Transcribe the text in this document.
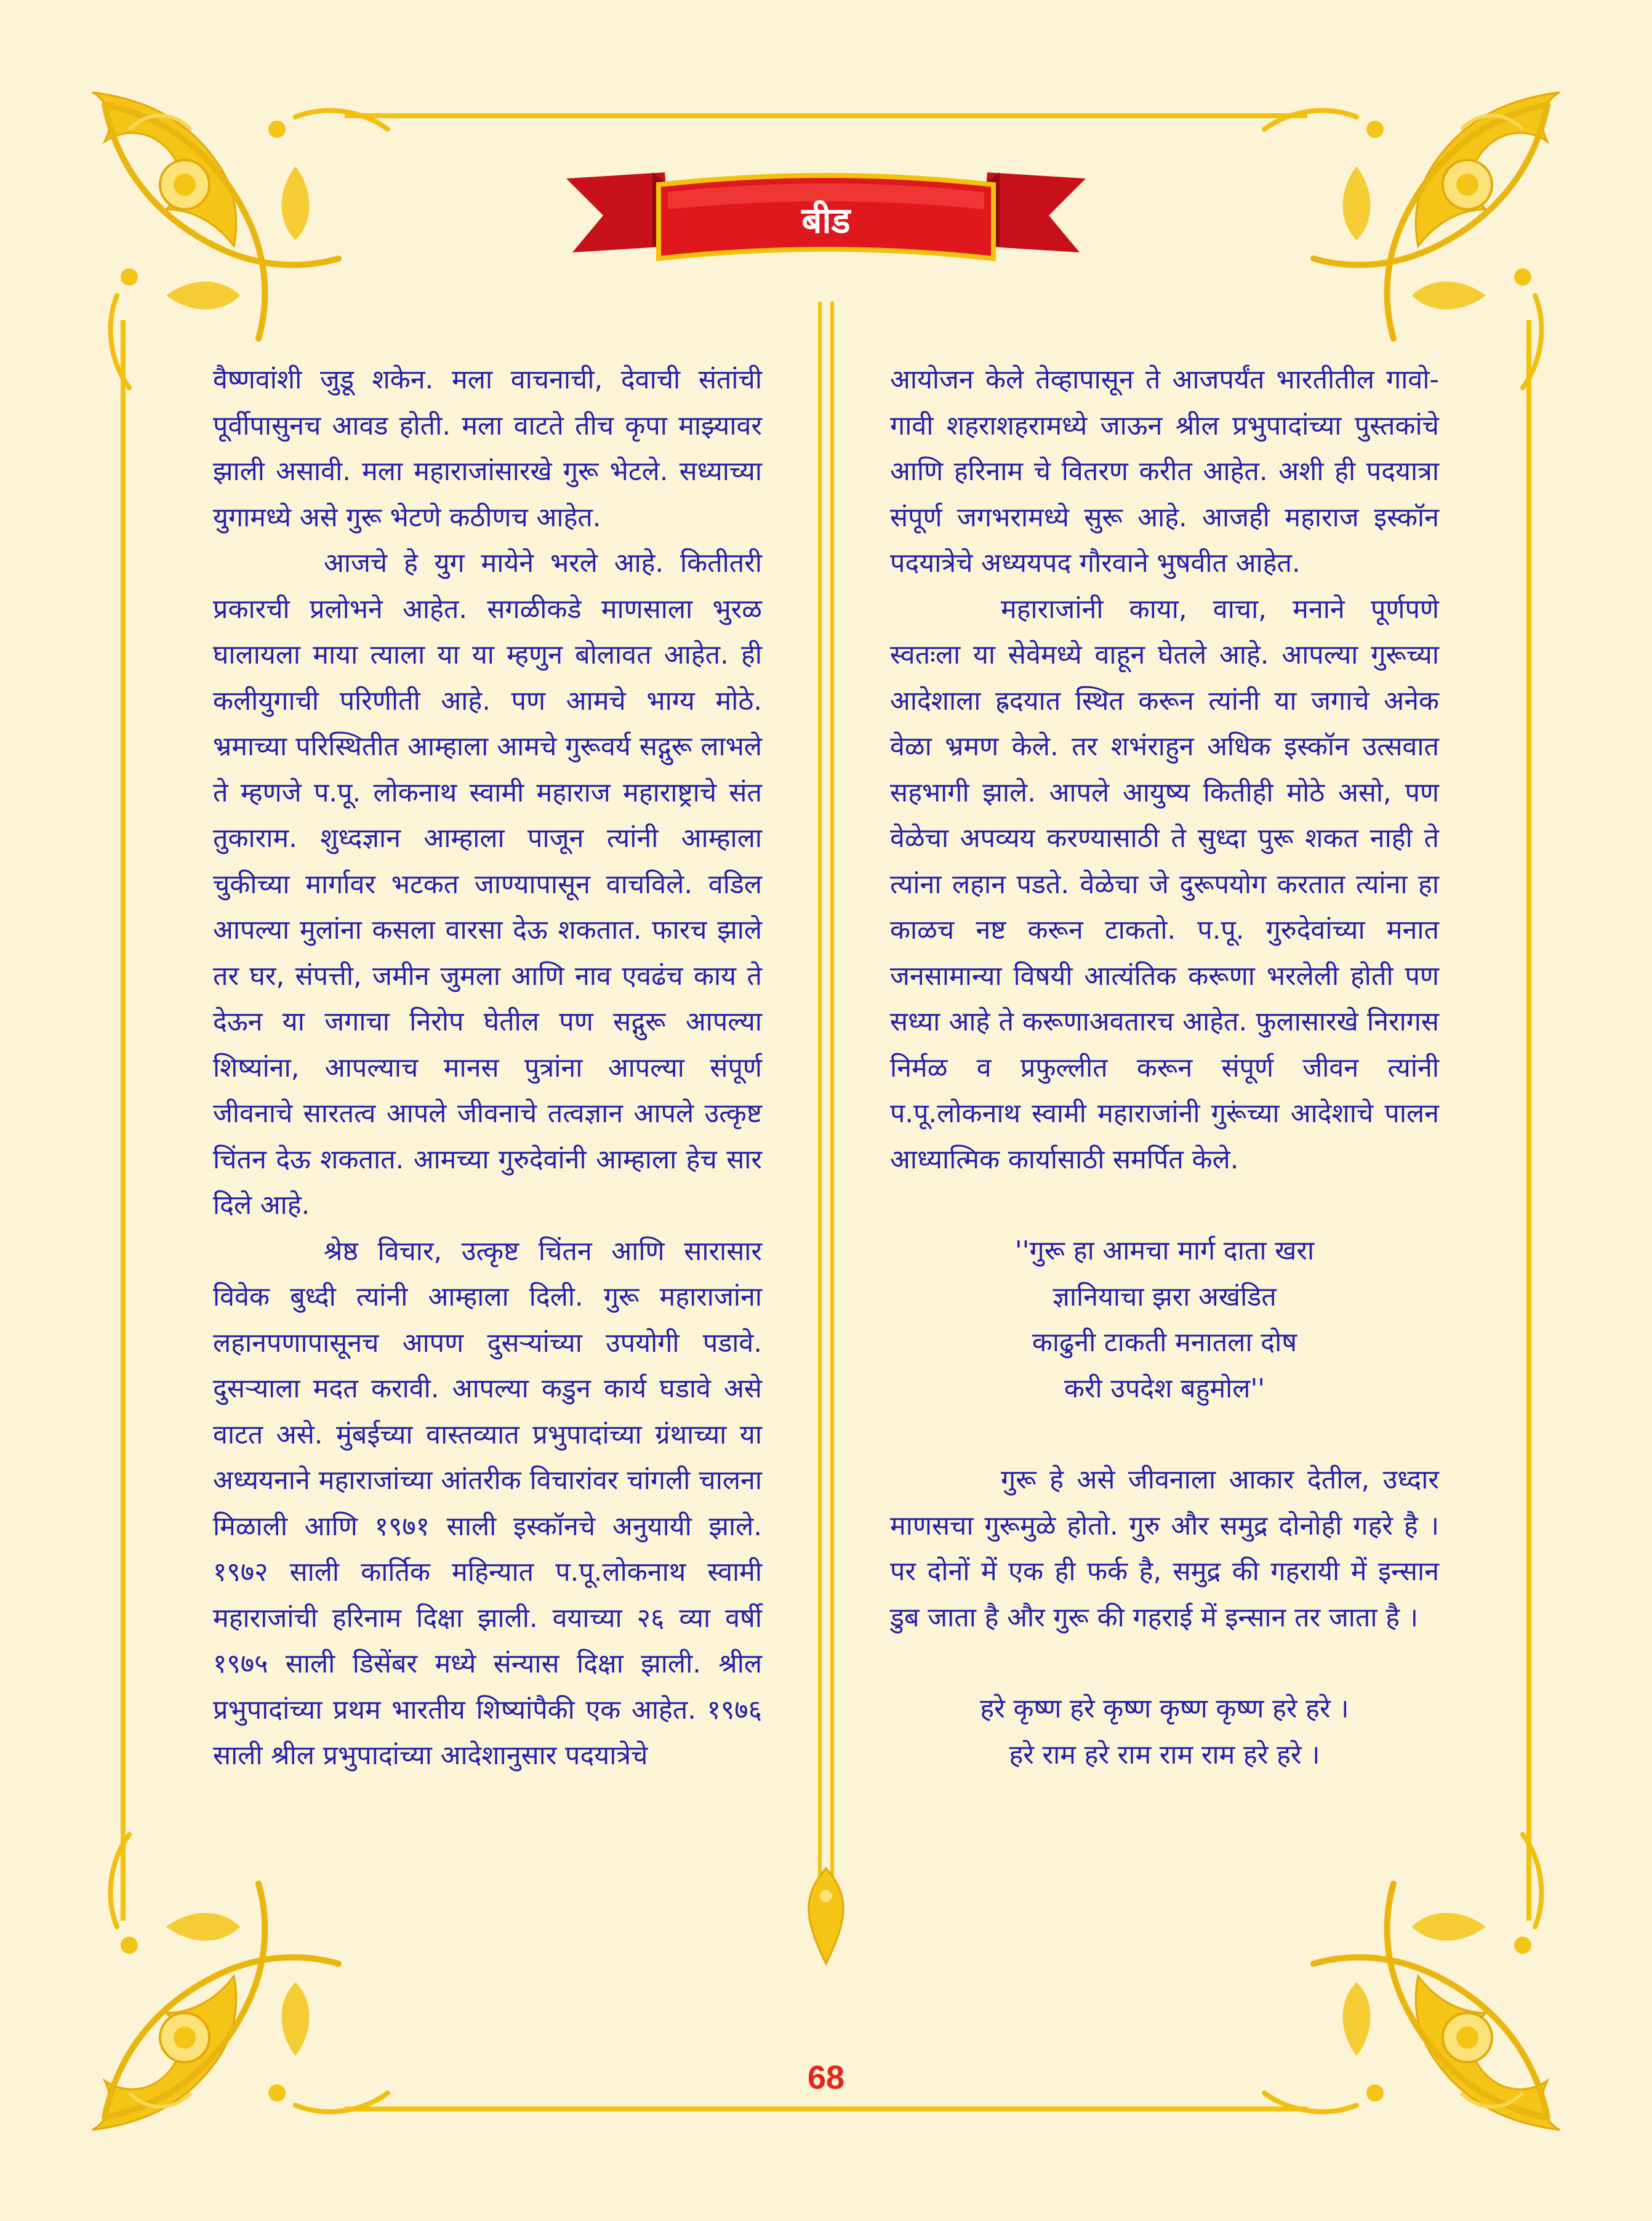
बीड

वैष्णवांशी जुडू शकेन. मला वाचनाची, देवाची संतांची पूर्वीपासुनच आवड होती. मला वाटते तीच कृपा माझ्यावर झाली असावी. मला महाराजांसारखे गुरू भेटले. सध्याच्या युगामध्ये असे गुरू भेटणे कठीणच आहेत.

आजचे हे युग मायेने भरले आहे. कितीतरी प्रकारची प्रलोभने आहेत. सगळीकडे माणसाला भुरळ घालायला माया त्याला या या म्हणुन बोलावत आहेत. ही कलीयुगाची परिणीती आहे. पण आमचे भाग्य मोठे. भ्रमाच्या परिस्थितीत आम्हाला आमचे गुरूवर्य सद्गुरू लाभले ते म्हणजे प.पू. लोकनाथ स्वामी महाराज महाराष्ट्राचे संत तुकाराम. शुध्दज्ञान आम्हाला पाजून त्यांनी आम्हाला चुकीच्या मार्गावर भटकत जाण्यापासून वाचविले. वडिल आपल्या मुलांना कसला वारसा देऊ शकतात. फारच झाले तर घर, संपत्ती, जमीन जुमला आणि नाव एवढंच काय ते देऊन या जगाचा निरोप घेतील पण सद्गुरू आपल्या शिष्यांना, आपल्याच मानस पुत्रांना आपल्या संपूर्ण जीवनाचे सारतत्व आपले जीवनाचे तत्वज्ञान आपले उत्कृष्ट चिंतन देऊ शकतात. आमच्या गुरुदेवांनी आम्हाला हेच सार दिले आहे.

श्रेष्ठ विचार, उत्कृष्ट चिंतन आणि सारासार विवेक बुध्दी त्यांनी आम्हाला दिली. गुरू महाराजांना लहानपणापासूनच आपण दुसऱ्यांच्या उपयोगी पडावे. दुसऱ्याला मदत करावी. आपल्या कडुन कार्य घडावे असे वाटत असे. मुंबईच्या वास्तव्यात प्रभुपादांच्या ग्रंथाच्या या अध्ययनाने महाराजांच्या आंतरीक विचारांवर चांगली चालना मिळाली आणि १९७१ साली इस्कॉनचे अनुयायी झाले. १९७२ साली कार्तिक महिन्यात प.पू.लोकनाथ स्वामी महाराजांची हरिनाम दिक्षा झाली. वयाच्या २६ व्या वर्षी १९७५ साली डिसेंबर मध्ये संन्यास दिक्षा झाली. श्रील प्रभुपादांच्या प्रथम भारतीय शिष्यांपैकी एक आहेत. १९७६ साली श्रील प्रभुपादांच्या आदेशानुसार पदयात्रेचे

आयोजन केले तेव्हापासून ते आजपर्यंत भारतीतील गावो-गावी शहराशहरामध्ये जाऊन श्रील प्रभुपादांच्या पुस्तकांचे आणि हरिनाम चे वितरण करीत आहेत. अशी ही पदयात्रा संपूर्ण जगभरामध्ये सुरू आहे. आजही महाराज इस्कॉन पदयात्रेचे अध्ययपद गौरवाने भुषवीत आहेत.

महाराजांनी काया, वाचा, मनाने पूर्णपणे स्वतःला या सेवेमध्ये वाहून घेतले आहे. आपल्या गुरूच्या आदेशाला ह्रदयात स्थित करून त्यांनी या जगाचे अनेक वेळा भ्रमण केले. तर शभंराहुन अधिक इस्कॉन उत्सवात सहभागी झाले. आपले आयुष्य कितीही मोठे असो, पण वेळेचा अपव्यय करण्यासाठी ते सुध्दा पुरू शकत नाही ते त्यांना लहान पडते. वेळेचा जे दुरूपयोग करतात त्यांना हा काळच नष्ट करून टाकतो. प.पू. गुरुदेवांच्या मनात जनसामान्या विषयी आत्यंतिक करूणा भरलेली होती पण सध्या आहे ते करूणाअवतारच आहेत. फुलासारखे निरागस निर्मळ व प्रफुल्लीत करून संपूर्ण जीवन त्यांनी प.पू.लोकनाथ स्वामी महाराजांनी गुरूंच्या आदेशाचे पालन आध्यात्मिक कार्यासाठी समर्पित केले.

''गुरू हा आमचा मार्ग दाता खरा
ज्ञानियाचा झरा अखंडित
काढुनी टाकती मनातला दोष
करी उपदेश बहुमोल''

गुरू हे असे जीवनाला आकार देतील, उध्दार माणसचा गुरूमुळे होतो. गुरु और समुद्र दोनोही गहरे है । पर दोनों में एक ही फर्क है, समुद्र की गहरायी में इन्सान डुब जाता है और गुरू की गहराई में इन्सान तर जाता है ।

हरे कृष्ण हरे कृष्ण कृष्ण कृष्ण हरे हरे ।
हरे राम हरे राम राम राम हरे हरे ।
68
